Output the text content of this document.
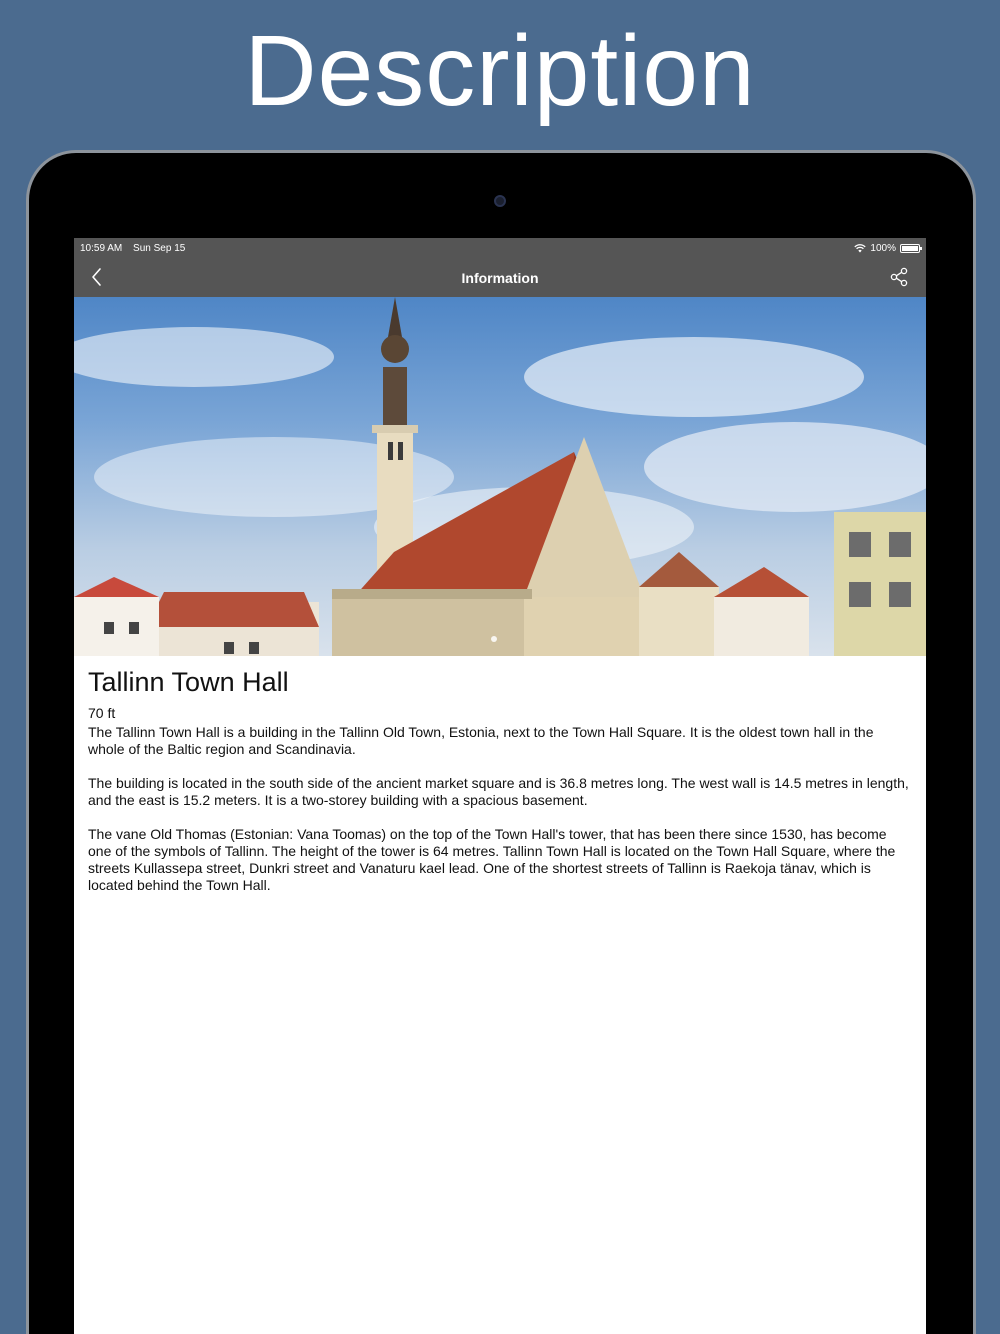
Description
10:59 AM Sun Sep 15	100%
Information
Tallinn Town Hall
70 ft

The Tallinn Town Hall is a building in the Tallinn Old Town, Estonia, next to the Town Hall Square. It is the oldest town hall in the whole of the Baltic region and Scandinavia.

The building is located in the south side of the ancient market square and is 36.8 metres long. The west wall is 14.5 metres in length, and the east is 15.2 meters. It is a two-storey building with a spacious basement.

The vane Old Thomas (Estonian: Vana Toomas) on the top of the Town Hall's tower, that has been there since 1530, has become one of the symbols of Tallinn. The height of the tower is 64 metres. Tallinn Town Hall is located on the Town Hall Square, where the streets Kullassepa street, Dunkri street and Vanaturu kael lead. One of the shortest streets of Tallinn is Raekoja tänav, which is located behind the Town Hall.
